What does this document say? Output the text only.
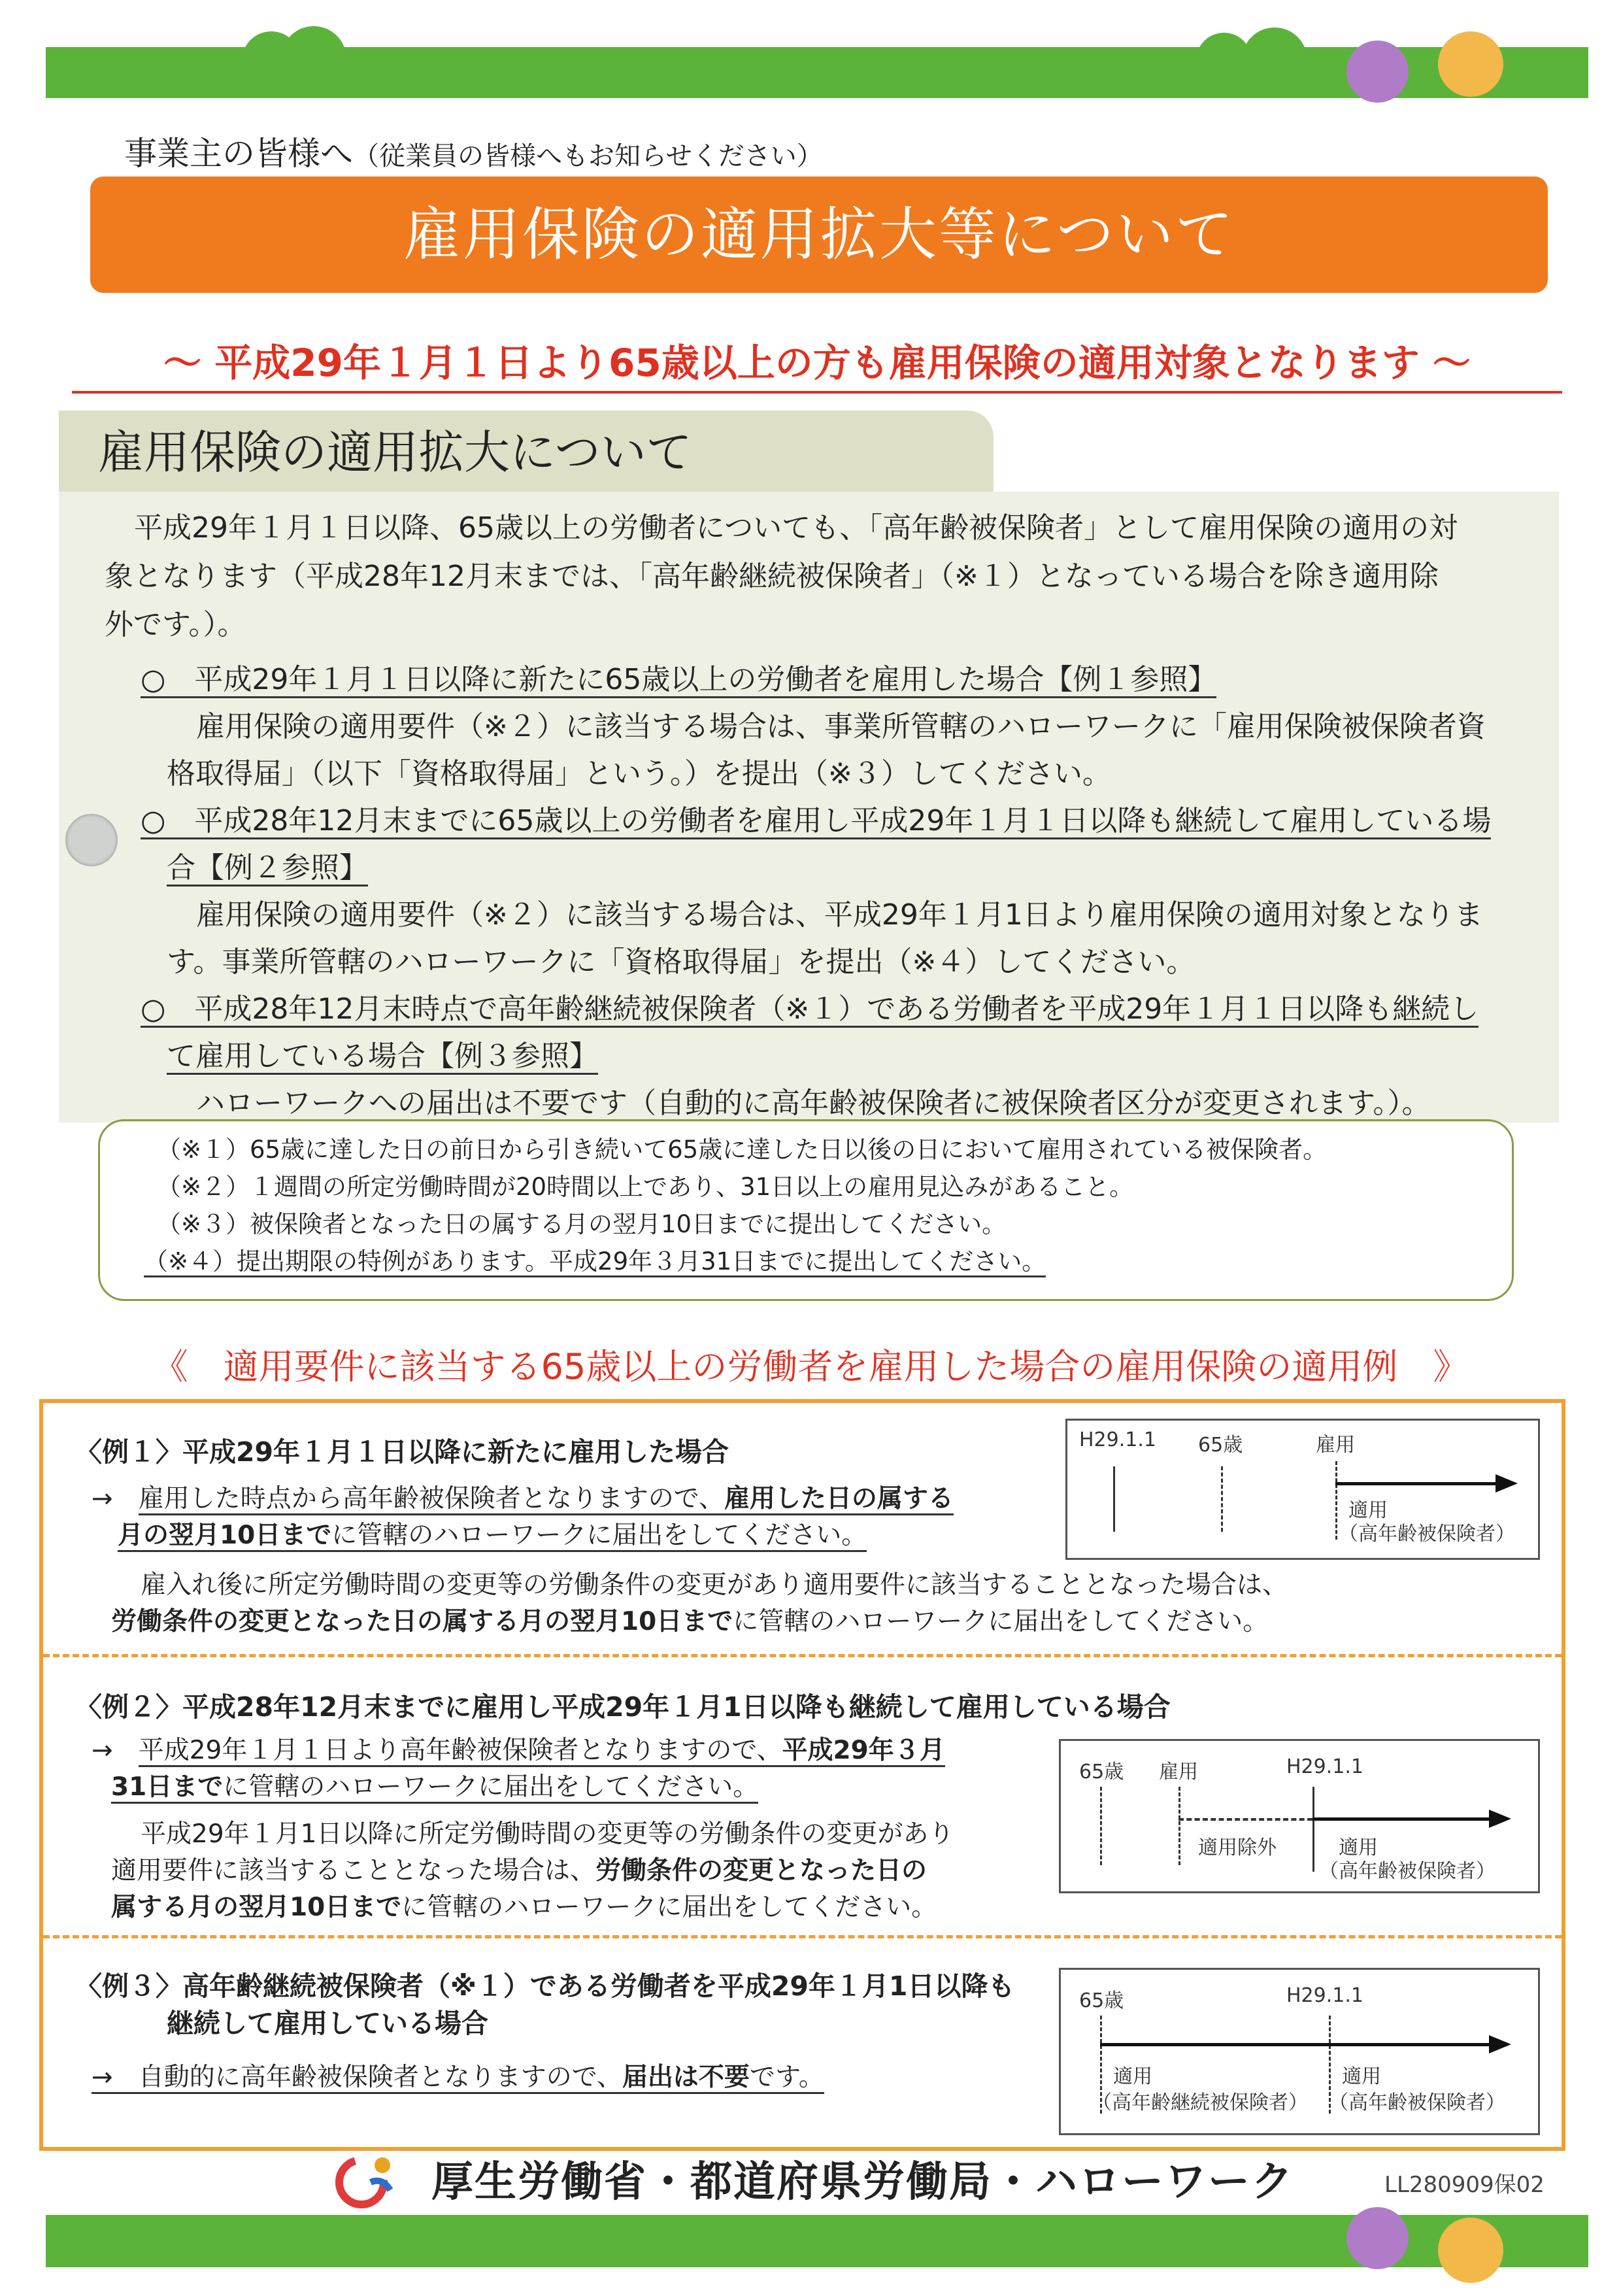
事業主の皆様へ（従業員の皆様へもお知らせください）
雇用保険の適用拡大等について
～ 平成29年１月１日より65歳以上の方も雇用保険の適用対象となります ～
雇用保険の適用拡大について
平成29年１月１日以降、65歳以上の労働者についても、「高年齢被保険者」として雇用保険の適用の対
象となります（平成28年12月末までは、「高年齢継続被保険者」（※１）となっている場合を除き適用除
外です。）。
○　平成29年１月１日以降に新たに65歳以上の労働者を雇用した場合【例１参照】
雇用保険の適用要件（※２）に該当する場合は、事業所管轄のハローワークに「雇用保険被保険者資
格取得届」（以下「資格取得届」という。）を提出（※３）してください。
○　平成28年12月末までに65歳以上の労働者を雇用し平成29年１月１日以降も継続して雇用している場
合【例２参照】
雇用保険の適用要件（※２）に該当する場合は、平成29年１月1日より雇用保険の適用対象となりま
す。事業所管轄のハローワークに「資格取得届」を提出（※４）してください。
○　平成28年12月末時点で高年齢継続被保険者（※１）である労働者を平成29年１月１日以降も継続し
て雇用している場合【例３参照】
ハローワークへの届出は不要です（自動的に高年齢被保険者に被保険者区分が変更されます。）。
（※１）65歳に達した日の前日から引き続いて65歳に達した日以後の日において雇用されている被保険者。
（※２）１週間の所定労働時間が20時間以上であり、31日以上の雇用見込みがあること。
（※３）被保険者となった日の属する月の翌月10日までに提出してください。
（※４）提出期限の特例があります。平成29年３月31日までに提出してください。
《　適用要件に該当する65歳以上の労働者を雇用した場合の雇用保険の適用例　》
〈例１〉平成29年１月１日以降に新たに雇用した場合
→　雇用した時点から高年齢被保険者となりますので、雇用した日の属する
月の翌月10日までに管轄のハローワークに届出をしてください。
雇入れ後に所定労働時間の変更等の労働条件の変更があり適用要件に該当することとなった場合は、
労働条件の変更となった日の属する月の翌月10日までに管轄のハローワークに届出をしてください。
H29.1.1 65歳	雇用
適用
（高年齢被保険者）
〈例２〉平成28年12月末までに雇用し平成29年１月1日以降も継続して雇用している場合
→　平成29年１月１日より高年齢被保険者となりますので、平成29年３月
31日までに管轄のハローワークに届出をしてください。
平成29年１月1日以降に所定労働時間の変更等の労働条件の変更があり
適用要件に該当することとなった場合は、労働条件の変更となった日の
属する月の翌月10日までに管轄のハローワークに届出をしてください。
65歳 雇用	H29.1.1
適用除外	適用
（高年齢被保険者）
〈例３〉高年齢継続被保険者（※１）である労働者を平成29年１月1日以降も
継続して雇用している場合
→　自動的に高年齢被保険者となりますので、届出は不要です。
65歳	H29.1.1
適用
（高年齢継続被保険者）
適用
（高年齢被保険者）
厚生労働省・都道府県労働局・ハローワーク	LL280909保02
